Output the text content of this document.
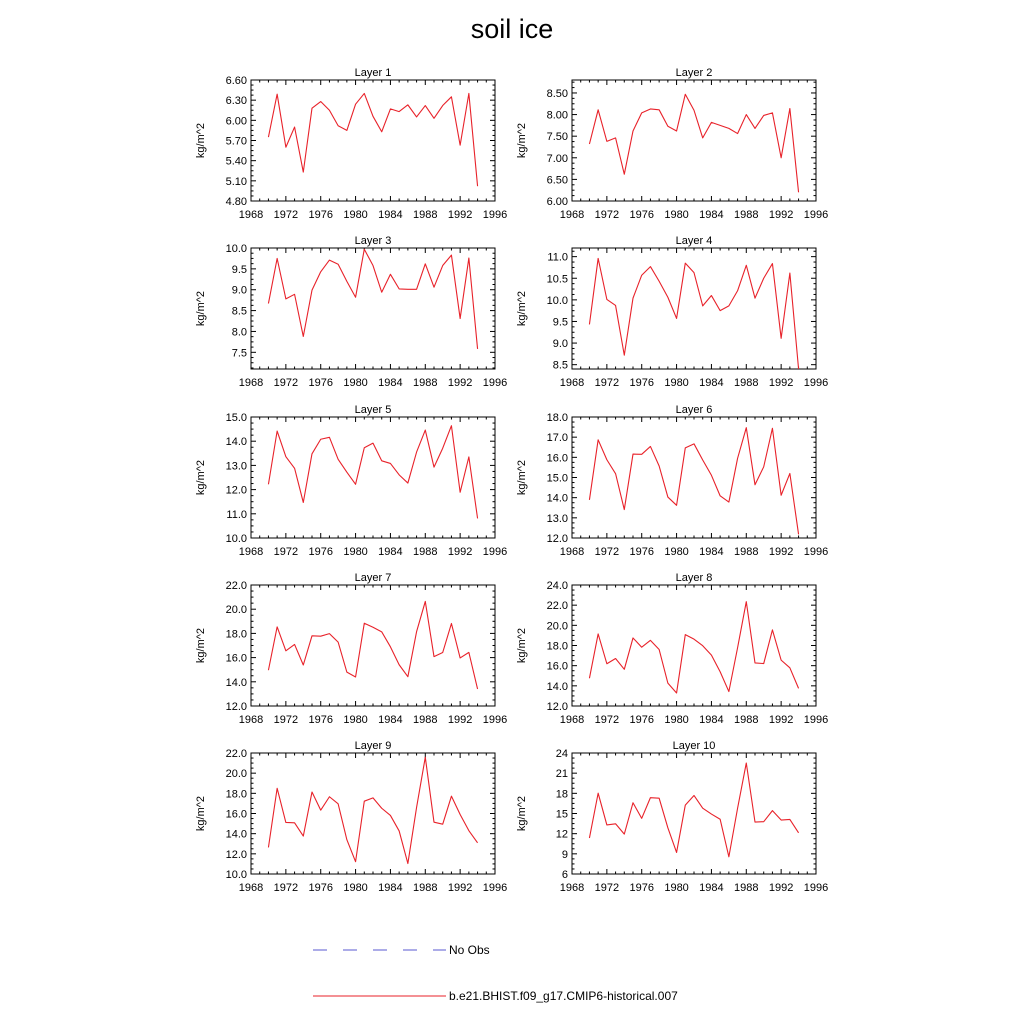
soil ice
Layer 1
kg/m^2
1968 1972 1976 1980 1984 1988 1992 1996
4.80
5.10
5.40
5.70
6.00
6.30
6.60
Layer 2
kg/m^2
1968 1972 1976 1980 1984 1988 1992 1996
6.00
6.50
7.00
7.50
8.00
8.50
Layer 3
kg/m^2
1968 1972 1976 1980 1984 1988 1992 1996
7.5
8.0
8.5
9.0
9.5
10.0
Layer 4
kg/m^2
1968 1972 1976 1980 1984 1988 1992 1996
8.5
9.0
9.5
10.0
10.5
11.0
Layer 5
kg/m^2
1968 1972 1976 1980 1984 1988 1992 1996
10.0
11.0
12.0
13.0
14.0
15.0
Layer 6
kg/m^2
1968 1972 1976 1980 1984 1988 1992 1996
12.0
13.0
14.0
15.0
16.0
17.0
18.0
Layer 7
kg/m^2
1968 1972 1976 1980 1984 1988 1992 1996
12.0
14.0
16.0
18.0
20.0
22.0
Layer 8
kg/m^2
1968 1972 1976 1980 1984 1988 1992 1996
12.0
14.0
16.0
18.0
20.0
22.0
24.0
Layer 9
kg/m^2
1968 1972 1976 1980 1984 1988 1992 1996
10.0
12.0
14.0
16.0
18.0
20.0
22.0
Layer 10
kg/m^2
1968 1972 1976 1980 1984 1988 1992 1996
6
9
12
15
18
21
24
No Obs
b.e21.BHIST.f09_g17.CMIP6-historical.007
